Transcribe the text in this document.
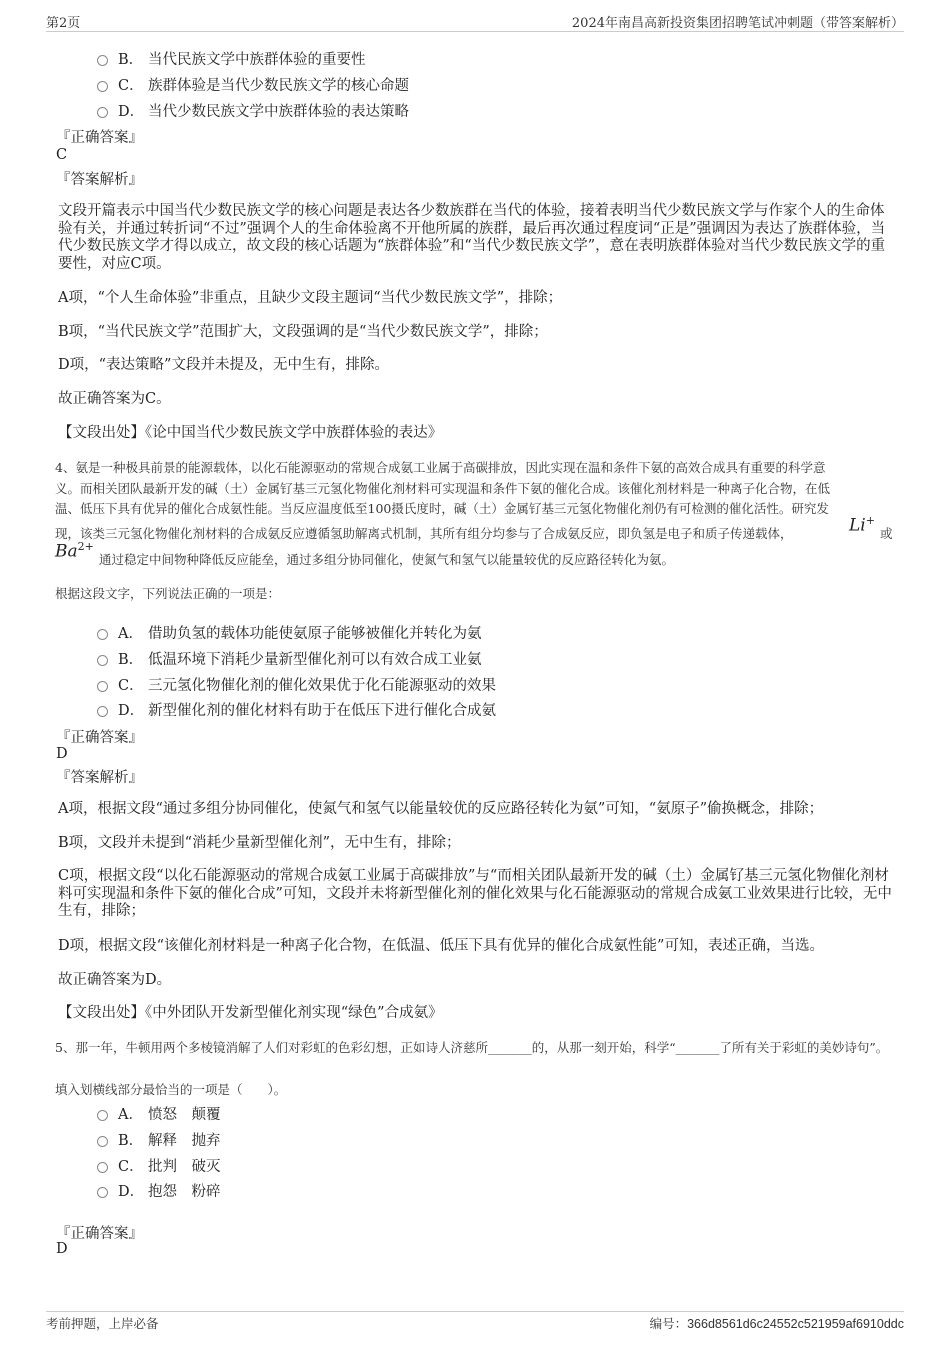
第2页	2024年南昌高新投资集团招聘笔试冲刺题（带答案解析）
B． 当代民族文学中族群体验的重要性
C． 族群体验是当代少数民族文学的核心命题
D． 当代少数民族文学中族群体验的表达策略
『正确答案』
C
『答案解析』
文段开篇表示中国当代少数民族文学的核心问题是表达各少数族群在当代的体验，接着表明当代少数民族文学与作家个人的生命体验有关，并通过转折词“不过”强调个人的生命体验离不开他所属的族群，最后再次通过程度词“正是”强调因为表达了族群体验，当代少数民族文学才得以成立，故文段的核心话题为“族群体验”和“当代少数民族文学”，意在表明族群体验对当代少数民族文学的重要性，对应C项。
A项，“个人生命体验”非重点，且缺少文段主题词“当代少数民族文学”，排除；
B项，“当代民族文学”范围扩大，文段强调的是“当代少数民族文学”，排除；
D项，“表达策略”文段并未提及，无中生有，排除。
故正确答案为C。
【文段出处】《论中国当代少数民族文学中族群体验的表达》
4、氨是一种极具前景的能源载体，以化石能源驱动的常规合成氨工业属于高碳排放，因此实现在温和条件下氨的高效合成具有重要的科学意
义。而相关团队最新开发的碱（土）金属钌基三元氢化物催化剂材料可实现温和条件下氨的催化合成。该催化剂材料是一种离子化合物，在低
温、低压下具有优异的催化合成氨性能。当反应温度低至100摄氏度时，碱（土）金属钌基三元氢化物催化剂仍有可检测的催化活性。研究发
现，该类三元氢化物催化剂材料的合成氨反应遵循氢助解离式机制，其所有组分均参与了合成氨反应，即负氢是电子和质子传递载体，	Li+
或
$Ba^{2+}$
通过稳定中间物种降低反应能垒，通过多组分协同催化，使氮气和氢气以能量较优的反应路径转化为氨。
根据这段文字，下列说法正确的一项是：
A． 借助负氢的载体功能使氨原子能够被催化并转化为氨
B． 低温环境下消耗少量新型催化剂可以有效合成工业氨
C． 三元氢化物催化剂的催化效果优于化石能源驱动的效果
D． 新型催化剂的催化材料有助于在低压下进行催化合成氨
『正确答案』
D
『答案解析』
A项，根据文段“通过多组分协同催化，使氮气和氢气以能量较优的反应路径转化为氨”可知，“氨原子”偷换概念，排除；
B项，文段并未提到“消耗少量新型催化剂”，无中生有，排除；
C项，根据文段“以化石能源驱动的常规合成氨工业属于高碳排放”与“而相关团队最新开发的碱（土）金属钌基三元氢化物催化剂材料可实现温和条件下氨的催化合成”可知，文段并未将新型催化剂的催化效果与化石能源驱动的常规合成氨工业效果进行比较，无中生有，排除；
D项，根据文段“该催化剂材料是一种离子化合物，在低温、低压下具有优异的催化合成氨性能”可知，表述正确，当选。
故正确答案为D。
【文段出处】《中外团队开发新型催化剂实现“绿色”合成氨》
5、那一年，牛顿用两个多棱镜消解了人们对彩虹的色彩幻想，正如诗人济慈所_______的，从那一刻开始，科学“_______了所有关于彩虹的美妙诗句”。
填入划横线部分最恰当的一项是（　　）。
A． 愤怒　颠覆
B． 解释　抛弃
C． 批判　破灭
D． 抱怨　粉碎
『正确答案』
D
考前押题，上岸必备	编号：366d8561d6c24552c521959af6910ddc
